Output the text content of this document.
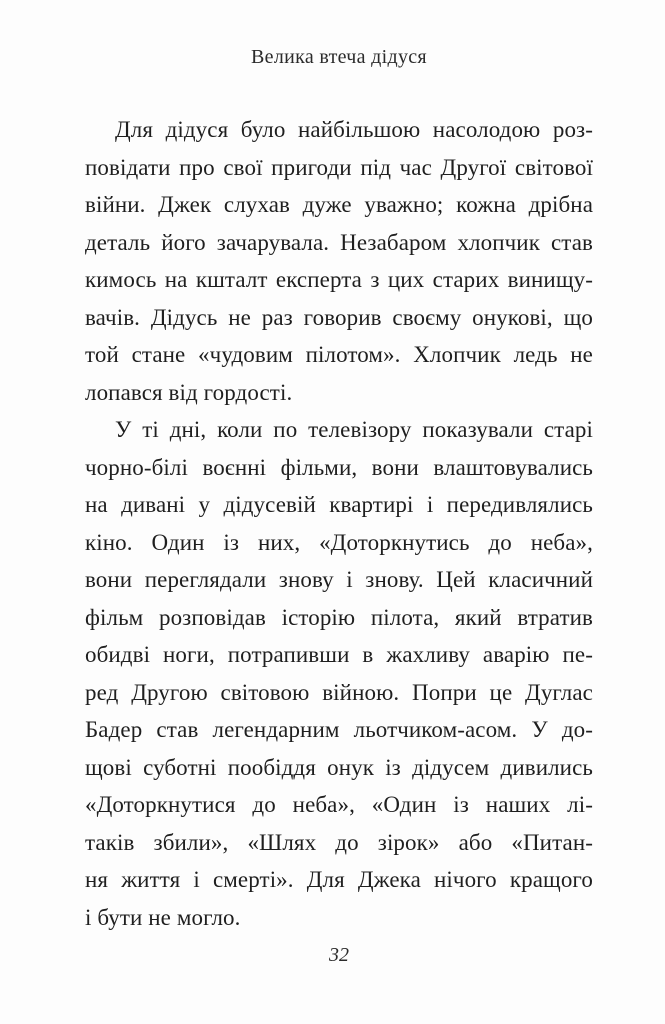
Велика втеча дідуся
Для дідуся було найбільшою насолодою роз-
повідати про свої пригоди під час Другої світової
війни. Джек слухав дуже уважно; кожна дрібна
деталь його зачарувала. Незабаром хлопчик став
кимось на кшталт експерта з цих старих винищу-
вачів. Дідусь не раз говорив своєму онукові, що
той стане «чудовим пілотом». Хлопчик ледь не
лопався від гордості.
У ті дні, коли по телевізору показували старі
чорно-білі воєнні фільми, вони влаштовувались
на дивані у дідусевій квартирі і передивлялись
кіно. Один із них, «Доторкнутись до неба»,
вони переглядали знову і знову. Цей класичний
фільм розповідав історію пілота, який втратив
обидві ноги, потрапивши в жахливу аварію пе-
ред Другою світовою війною. Попри це Дуглас
Бадер став легендарним льотчиком-асом. У до-
щові суботні пообіддя онук із дідусем дивились
«Доторкнутися до неба», «Один із наших лі-
таків збили», «Шлях до зірок» або «Питан-
ня життя і смерті». Для Джека нічого кращого
і бути не могло.
32
